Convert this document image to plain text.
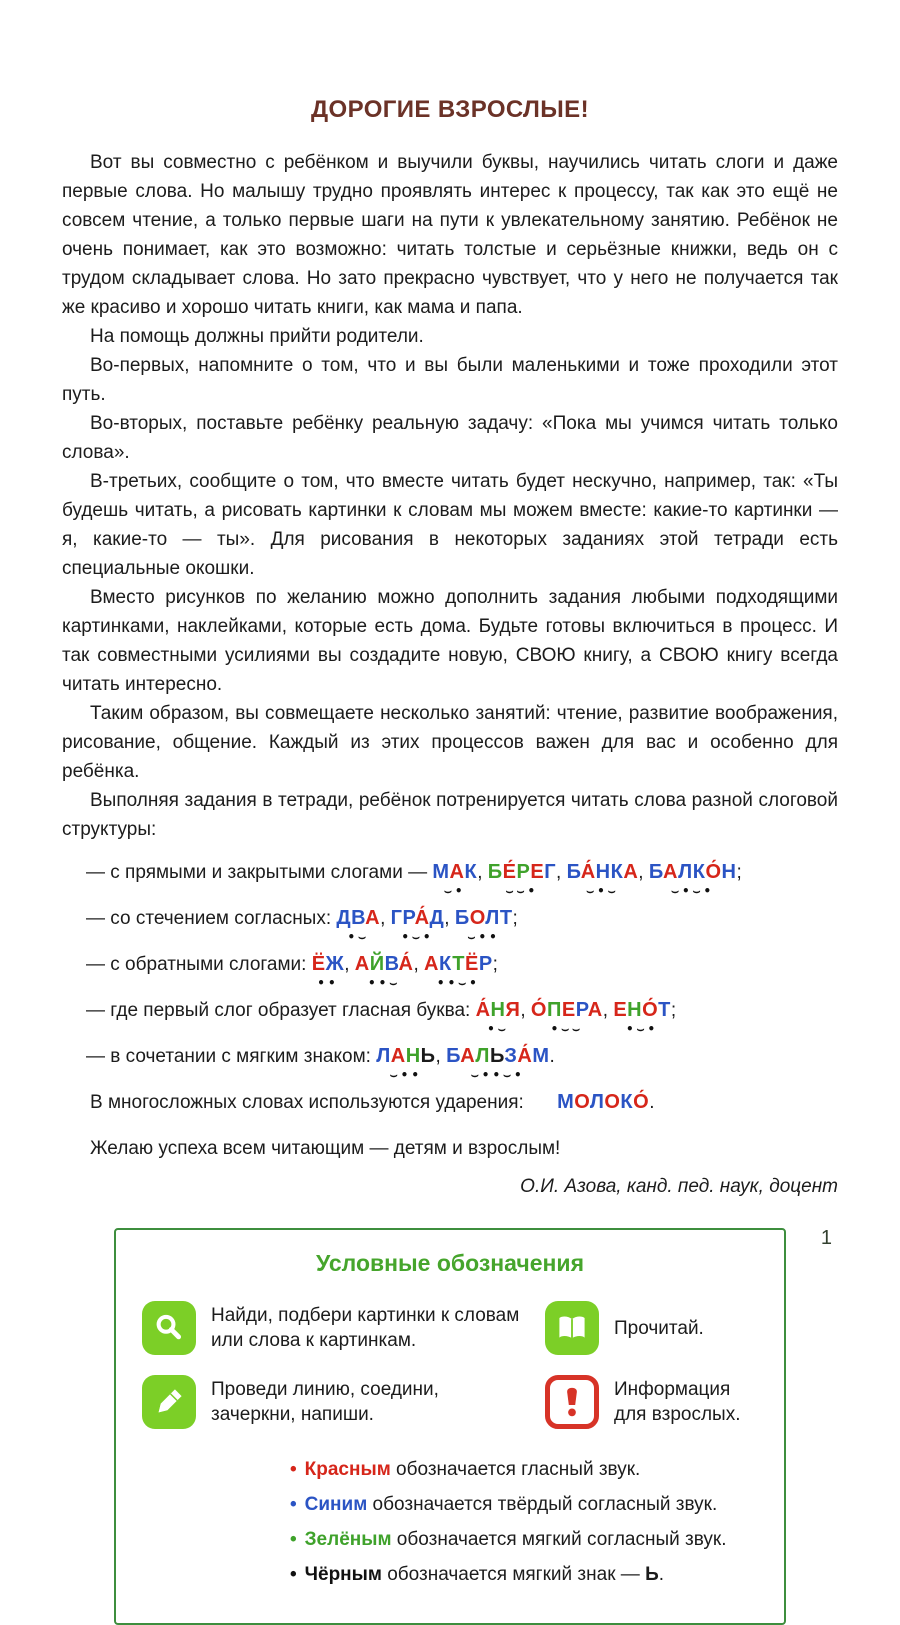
ДОРОГИЕ ВЗРОСЛЫЕ!

Вот вы совместно с ребёнком и выучили буквы, научились читать слоги и даже первые слова. Но малышу трудно проявлять интерес к процессу, так как это ещё не совсем чтение, а только первые шаги на пути к увлекательному занятию. Ребёнок не очень понимает, как это возможно: читать толстые и серьёзные книжки, ведь он с трудом складывает слова. Но зато прекрасно чувствует, что у него не получается так же красиво и хорошо читать книги, как мама и папа.

На помощь должны прийти родители.

Во-первых, напомните о том, что и вы были маленькими и тоже проходили этот путь.

Во-вторых, поставьте ребёнку реальную задачу: «Пока мы учимся читать только слова».

В-третьих, сообщите о том, что вместе читать будет нескучно, например, так: «Ты будешь читать, а рисовать картинки к словам мы можем вместе: какие-то картинки — я, какие-то — ты». Для рисования в некоторых заданиях этой тетради есть специальные окошки.

Вместо рисунков по желанию можно дополнить задания любыми подходящими картинками, наклейками, которые есть дома. Будьте готовы включиться в процесс. И так совместными усилиями вы создадите новую, СВОЮ книгу, а СВОЮ книгу всегда читать интересно.

Таким образом, вы совмещаете несколько занятий: чтение, развитие воображения, рисование, общение. Каждый из этих процессов важен для вас и особенно для ребёнка.

Выполняя задания в тетради, ребёнок потренируется читать слова разной слоговой структуры:

— с прямыми и закрытыми слогами — МАК
⌣•
, БЕ́РЕГ
⌣⌣•
, БА́НКА
⌣•⌣
, БАЛКО́Н
⌣•⌣•
;
— со стечением согласных: ДВА
•⌣
, ГРА́Д
•⌣•
, БОЛТ
⌣••
;
— с обратными слогами: ЁЖ
••
, АЙВА́
••⌣
, АКТЁР
••⌣•
;
— где первый слог образует гласная буква: А́НЯ
•⌣
, О́ПЕРА
•⌣⌣
, ЕНО́Т
•⌣•
;
— в сочетании с мягким знаком: ЛАНЬ
⌣••
, БАЛЬЗА́М
⌣••⌣•
.
В многосложных словах используются ударения: МОЛОКО́.

Желаю успеха всем читающим — детям и взрослым!

О.И. Азова, канд. пед. наук, доцент

Условные обозначения
Найди, подбери картинки к словам или слова к картинкам.
Прочитай.
Проведи линию, соедини, зачеркни, напиши.
Информация для взрослых.
• Красным обозначается гласный звук.
• Синим обозначается твёрдый согласный звук.
• Зелёным обозначается мягкий согласный звук.
• Чёрным обозначается мягкий знак — Ь.
1
